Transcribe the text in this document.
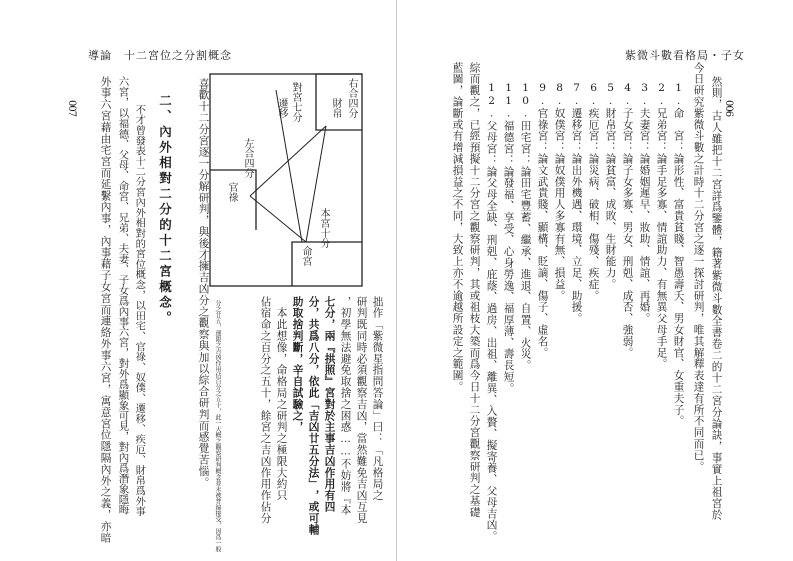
導論　十二宮位之分割概念
007	右合四分
財帛
對宮七分
遷移
左合四分
官祿
本宮十分
命宮
拙作「紫微星指問答論」曰：「凡格局之
研判既同時必須觀察吉凶，當然難免吉凶互見
，初學無法避免取捨之困惑……不妨將『本
七分，兩『拱照』宮對於主事吉凶作用有四
分，共爲八分，依此「吉凶廿五分法」，或可輔
助取捨判斷，辛自試驗之，
　本此想像，命格局之研判之極限大約只
佔宿命之百分之五十，餘宮之吉凶作用作佔分
分之廿五，運限之吉凶作用佔百分之五十，此一大概之觀察研判概念並未被普遍接受，因爲一般
喜歡十二分宮逐一分解研判，與後才擁吉凶分之觀察與加以綜合研判而感覺苦惱。
二、內外相對二分的十二宮概念。
　不才曾發表十二分宮內外相對的宮位概念，以田宅、官祿、奴僕、遷移、疾厄、財帛爲外事
六宮，以福德、父母、命宮、兄弟、夫妻、子女爲內事六宮，對外爲顯象可見，對內爲潛象隱晦
外事六宮藉由宅宮而延繫內事，內事藉子女宮而連絡外事六宮，寓意宮位隱隔內外之義，亦暗
紫微斗數看格局・子女
006
然則，古人雖把十二宮詳爲鑒體，籍著紫微斗數全書卷二的十二宮分論訣，事實上祖宮於
今日研究紫微斗數之計時十二分宮之逐一探討研判，唯其解釋表達有所不同而已。
1.命　宮：論形性、富貴貧賤、智愚壽夭、男女財官、女重夫子。
2.兄弟宮：論手足多寡、情誼助力、有無異父母手足。
3.夫妻宮：論婚姻遲早、妝助、情誼、再婚。
4.子女宮：論子女多寡、男女、刑剋、成否、強弱。
5.財帛宮：論貧富、成敗、生財能力。
6.疾厄宮：論災病、破相、傷殘、疾症。
7.遷移宮：論出外機遇、環境、立足、助援。
8.奴僕宮：論奴僕用人多寡有無、損益。
9.官祿宮：論文武貴賤、顯構、貶謫、傷子、虛名。
10.田宅宮：論田宅豐蓄、繼承、進退、自置、火災。
11.福德宮：論發福、享受、心身勞逸、福厚薄、壽長短。
12.父母宮：論父母全缺、刑剋、庇蔭、過房、出祖、離異、入贅、擬寄養、父母吉凶。
綜而觀之，已經預擬十二分宮之觀察研判，其或祖枝大築而爲今日十二分宮觀察研判之基礎
藍圖，論斷或有增減損益之不同，大致上亦不逾越所設定之範圍。
